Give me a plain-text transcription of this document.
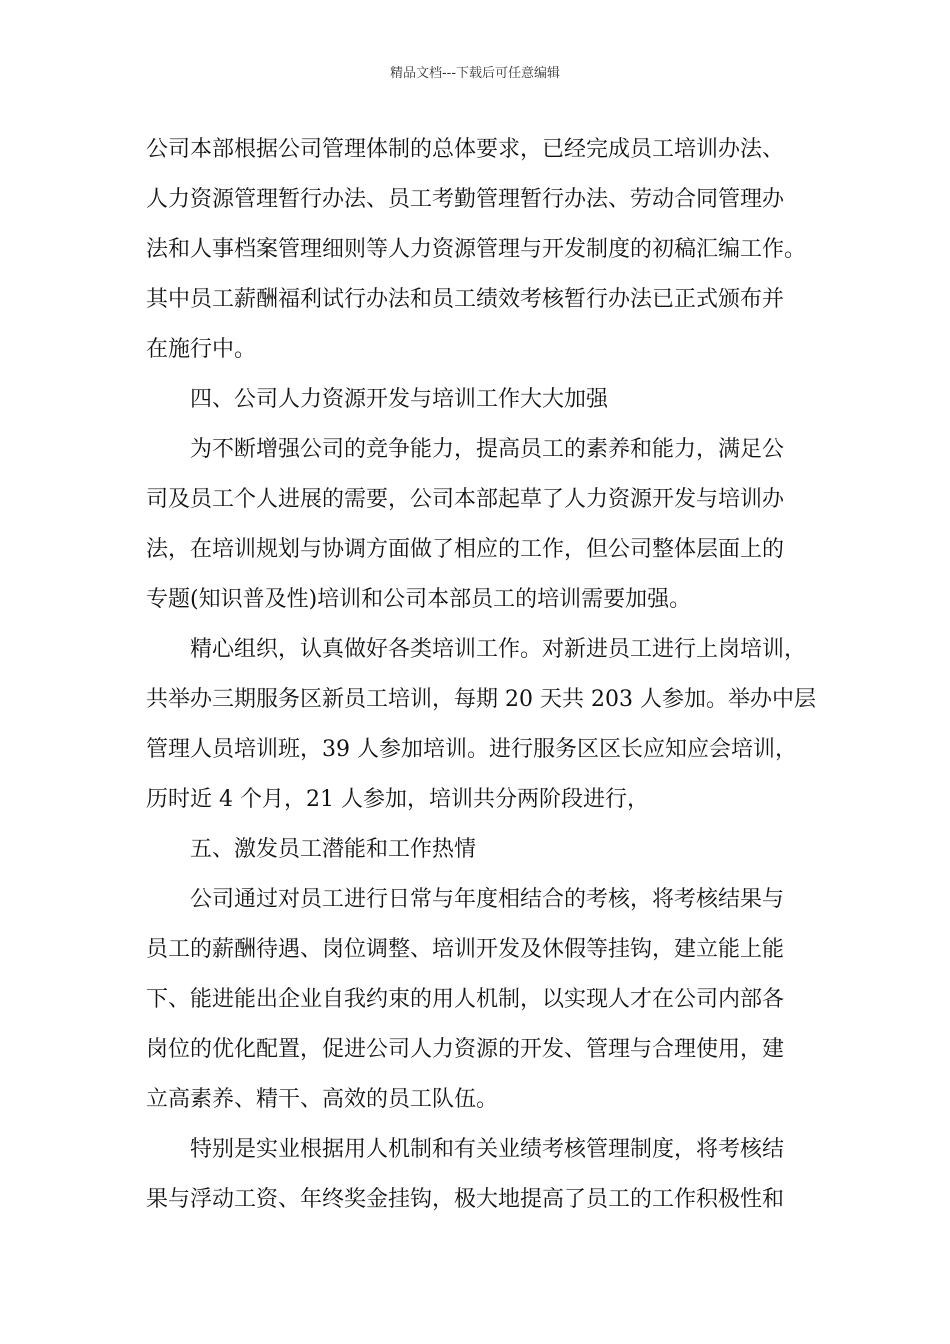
精品文档---下载后可任意编辑
公司本部根据公司管理体制的总体要求，已经完成员工培训办法、
人力资源管理暂行办法、员工考勤管理暂行办法、劳动合同管理办
法和人事档案管理细则等人力资源管理与开发制度的初稿汇编工作。
其中员工薪酬福利试行办法和员工绩效考核暂行办法已正式颁布并
在施行中。
四、公司人力资源开发与培训工作大大加强
为不断增强公司的竞争能力，提高员工的素养和能力，满足公
司及员工个人进展的需要，公司本部起草了人力资源开发与培训办
法，在培训规划与协调方面做了相应的工作，但公司整体层面上的
专题(知识普及性)培训和公司本部员工的培训需要加强。
精心组织，认真做好各类培训工作。对新进员工进行上岗培训，
共举办三期服务区新员工培训，每期 20 天共 203 人参加。举办中层
管理人员培训班，39 人参加培训。进行服务区区长应知应会培训，
历时近 4 个月，21 人参加，培训共分两阶段进行，
五、激发员工潜能和工作热情
公司通过对员工进行日常与年度相结合的考核，将考核结果与
员工的薪酬待遇、岗位调整、培训开发及休假等挂钩，建立能上能
下、能进能出企业自我约束的用人机制，以实现人才在公司内部各
岗位的优化配置，促进公司人力资源的开发、管理与合理使用，建
立高素养、精干、高效的员工队伍。
特别是实业根据用人机制和有关业绩考核管理制度，将考核结
果与浮动工资、年终奖金挂钩，极大地提高了员工的工作积极性和
